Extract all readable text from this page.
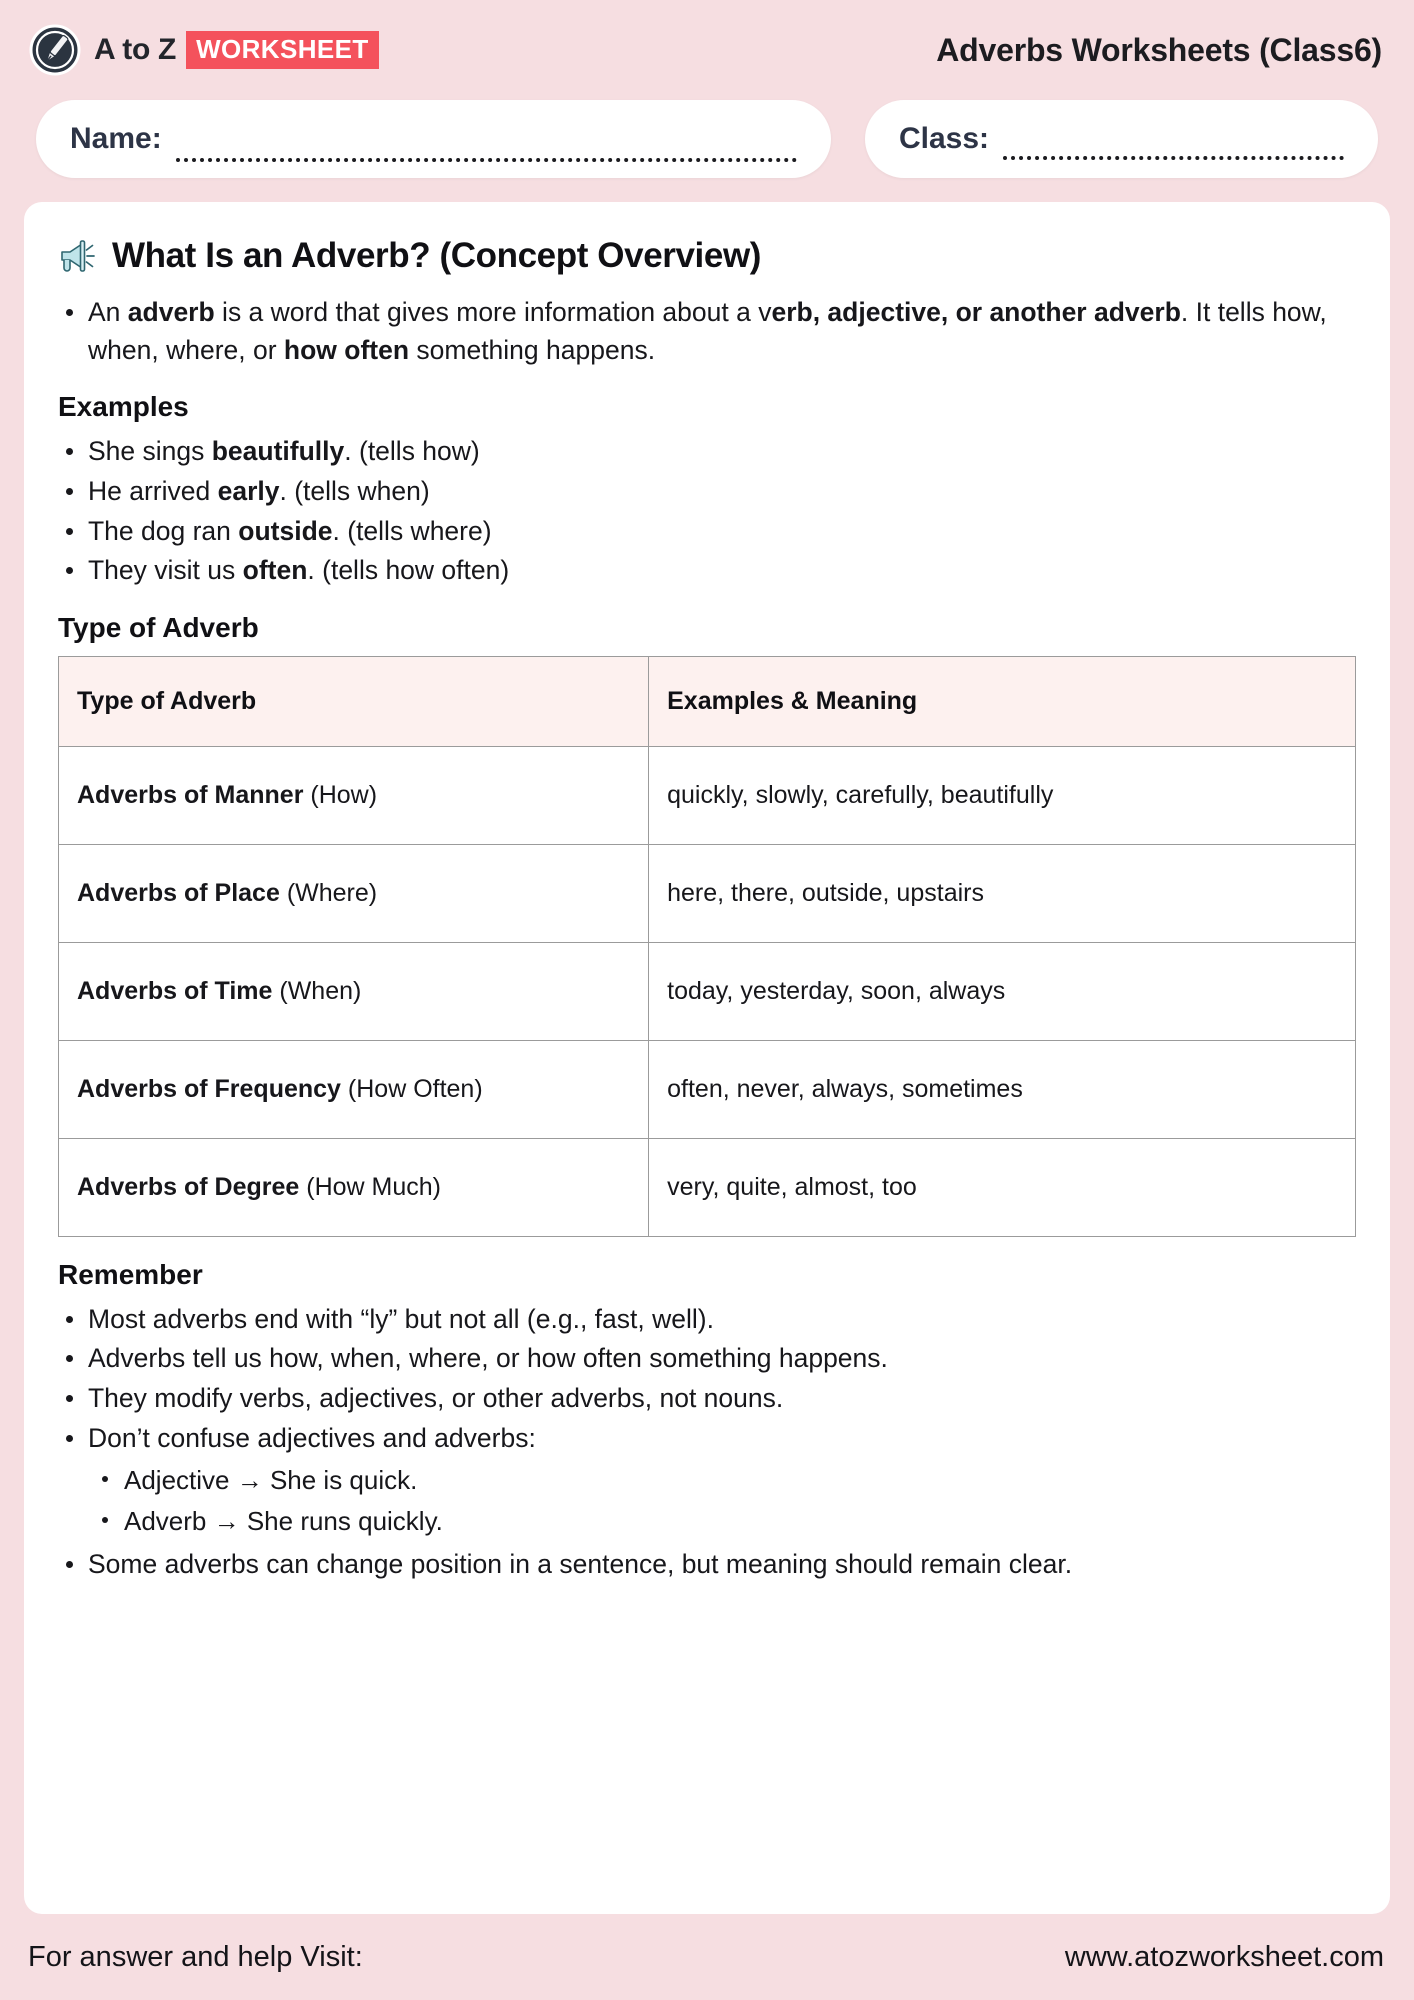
A to Z WORKSHEET	Adverbs Worksheets (Class6)
Name:	Class:
What Is an Adverb? (Concept Overview)
An adverb is a word that gives more information about a verb, adjective, or another adverb. It tells how, when, where, or how often something happens.
Examples
She sings beautifully. (tells how)
He arrived early. (tells when)
The dog ran outside. (tells where)
They visit us often. (tells how often)
Type of Adverb
Type of Adverb	Examples & Meaning
Adverbs of Manner (How)	quickly, slowly, carefully, beautifully
Adverbs of Place (Where)	here, there, outside, upstairs
Adverbs of Time (When)	today, yesterday, soon, always
Adverbs of Frequency (How Often)	often, never, always, sometimes
Adverbs of Degree (How Much)	very, quite, almost, too
Remember
Most adverbs end with “ly” but not all (e.g., fast, well).
Adverbs tell us how, when, where, or how often something happens.
They modify verbs, adjectives, or other adverbs, not nouns.
Don’t confuse adjectives and adverbs:
Adjective → She is quick.
Adverb → She runs quickly.
Some adverbs can change position in a sentence, but meaning should remain clear.
For answer and help Visit:	www.atozworksheet.com
